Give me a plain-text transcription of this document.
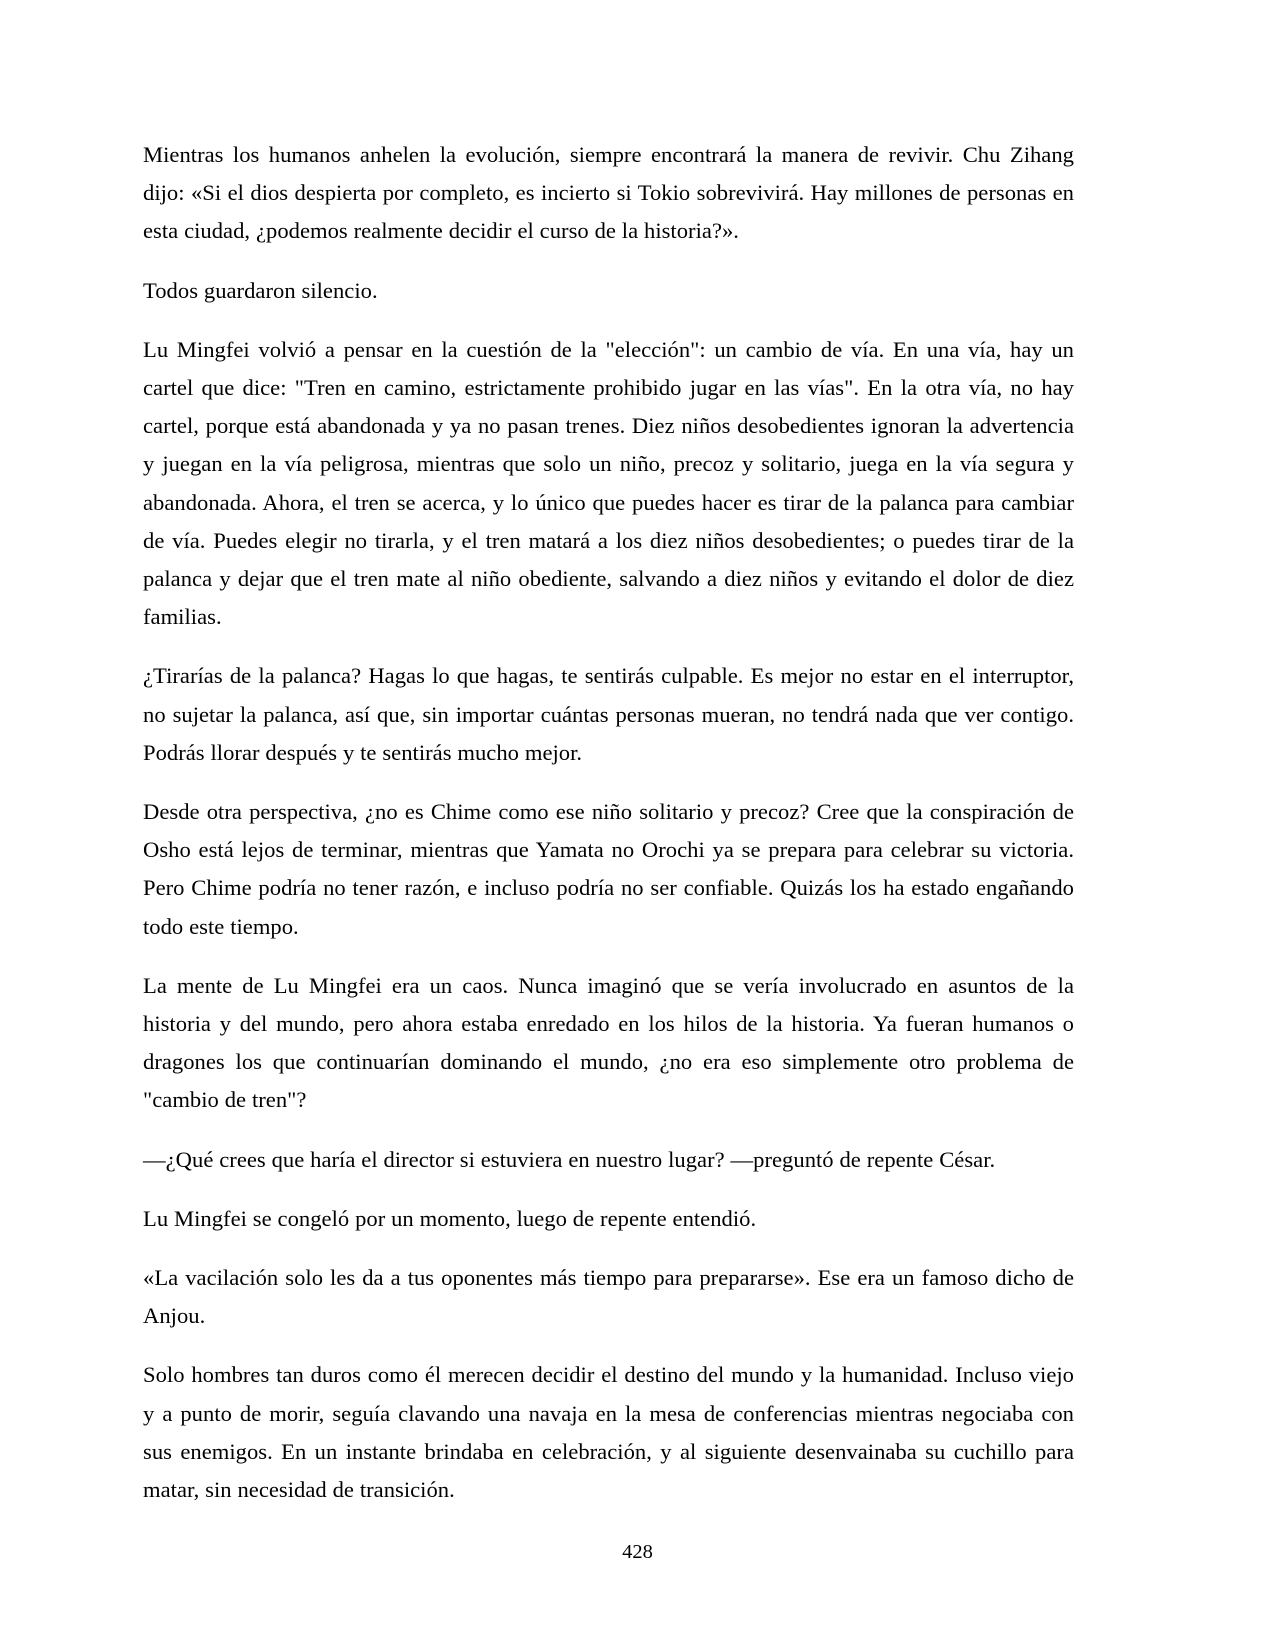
Mientras los humanos anhelen la evolución, siempre encontrará la manera de revivir. Chu Zihang dijo: «Si el dios despierta por completo, es incierto si Tokio sobrevivirá. Hay millones de personas en esta ciudad, ¿podemos realmente decidir el curso de la historia?».

Todos guardaron silencio.

Lu Mingfei volvió a pensar en la cuestión de la "elección": un cambio de vía. En una vía, hay un cartel que dice: "Tren en camino, estrictamente prohibido jugar en las vías". En la otra vía, no hay cartel, porque está abandonada y ya no pasan trenes. Diez niños desobedientes ignoran la advertencia y juegan en la vía peligrosa, mientras que solo un niño, precoz y solitario, juega en la vía segura y abandonada. Ahora, el tren se acerca, y lo único que puedes hacer es tirar de la palanca para cambiar de vía. Puedes elegir no tirarla, y el tren matará a los diez niños desobedientes; o puedes tirar de la palanca y dejar que el tren mate al niño obediente, salvando a diez niños y evitando el dolor de diez familias.

¿Tirarías de la palanca? Hagas lo que hagas, te sentirás culpable. Es mejor no estar en el interruptor, no sujetar la palanca, así que, sin importar cuántas personas mueran, no tendrá nada que ver contigo. Podrás llorar después y te sentirás mucho mejor.

Desde otra perspectiva, ¿no es Chime como ese niño solitario y precoz? Cree que la conspiración de Osho está lejos de terminar, mientras que Yamata no Orochi ya se prepara para celebrar su victoria. Pero Chime podría no tener razón, e incluso podría no ser confiable. Quizás los ha estado engañando todo este tiempo.

La mente de Lu Mingfei era un caos. Nunca imaginó que se vería involucrado en asuntos de la historia y del mundo, pero ahora estaba enredado en los hilos de la historia. Ya fueran humanos o dragones los que continuarían dominando el mundo, ¿no era eso simplemente otro problema de "cambio de tren"?

—¿Qué crees que haría el director si estuviera en nuestro lugar? —preguntó de repente César.

Lu Mingfei se congeló por un momento, luego de repente entendió.

«La vacilación solo les da a tus oponentes más tiempo para prepararse». Ese era un famoso dicho de Anjou.

Solo hombres tan duros como él merecen decidir el destino del mundo y la humanidad. Incluso viejo y a punto de morir, seguía clavando una navaja en la mesa de conferencias mientras negociaba con sus enemigos. En un instante brindaba en celebración, y al siguiente desenvainaba su cuchillo para matar, sin necesidad de transición.

428
